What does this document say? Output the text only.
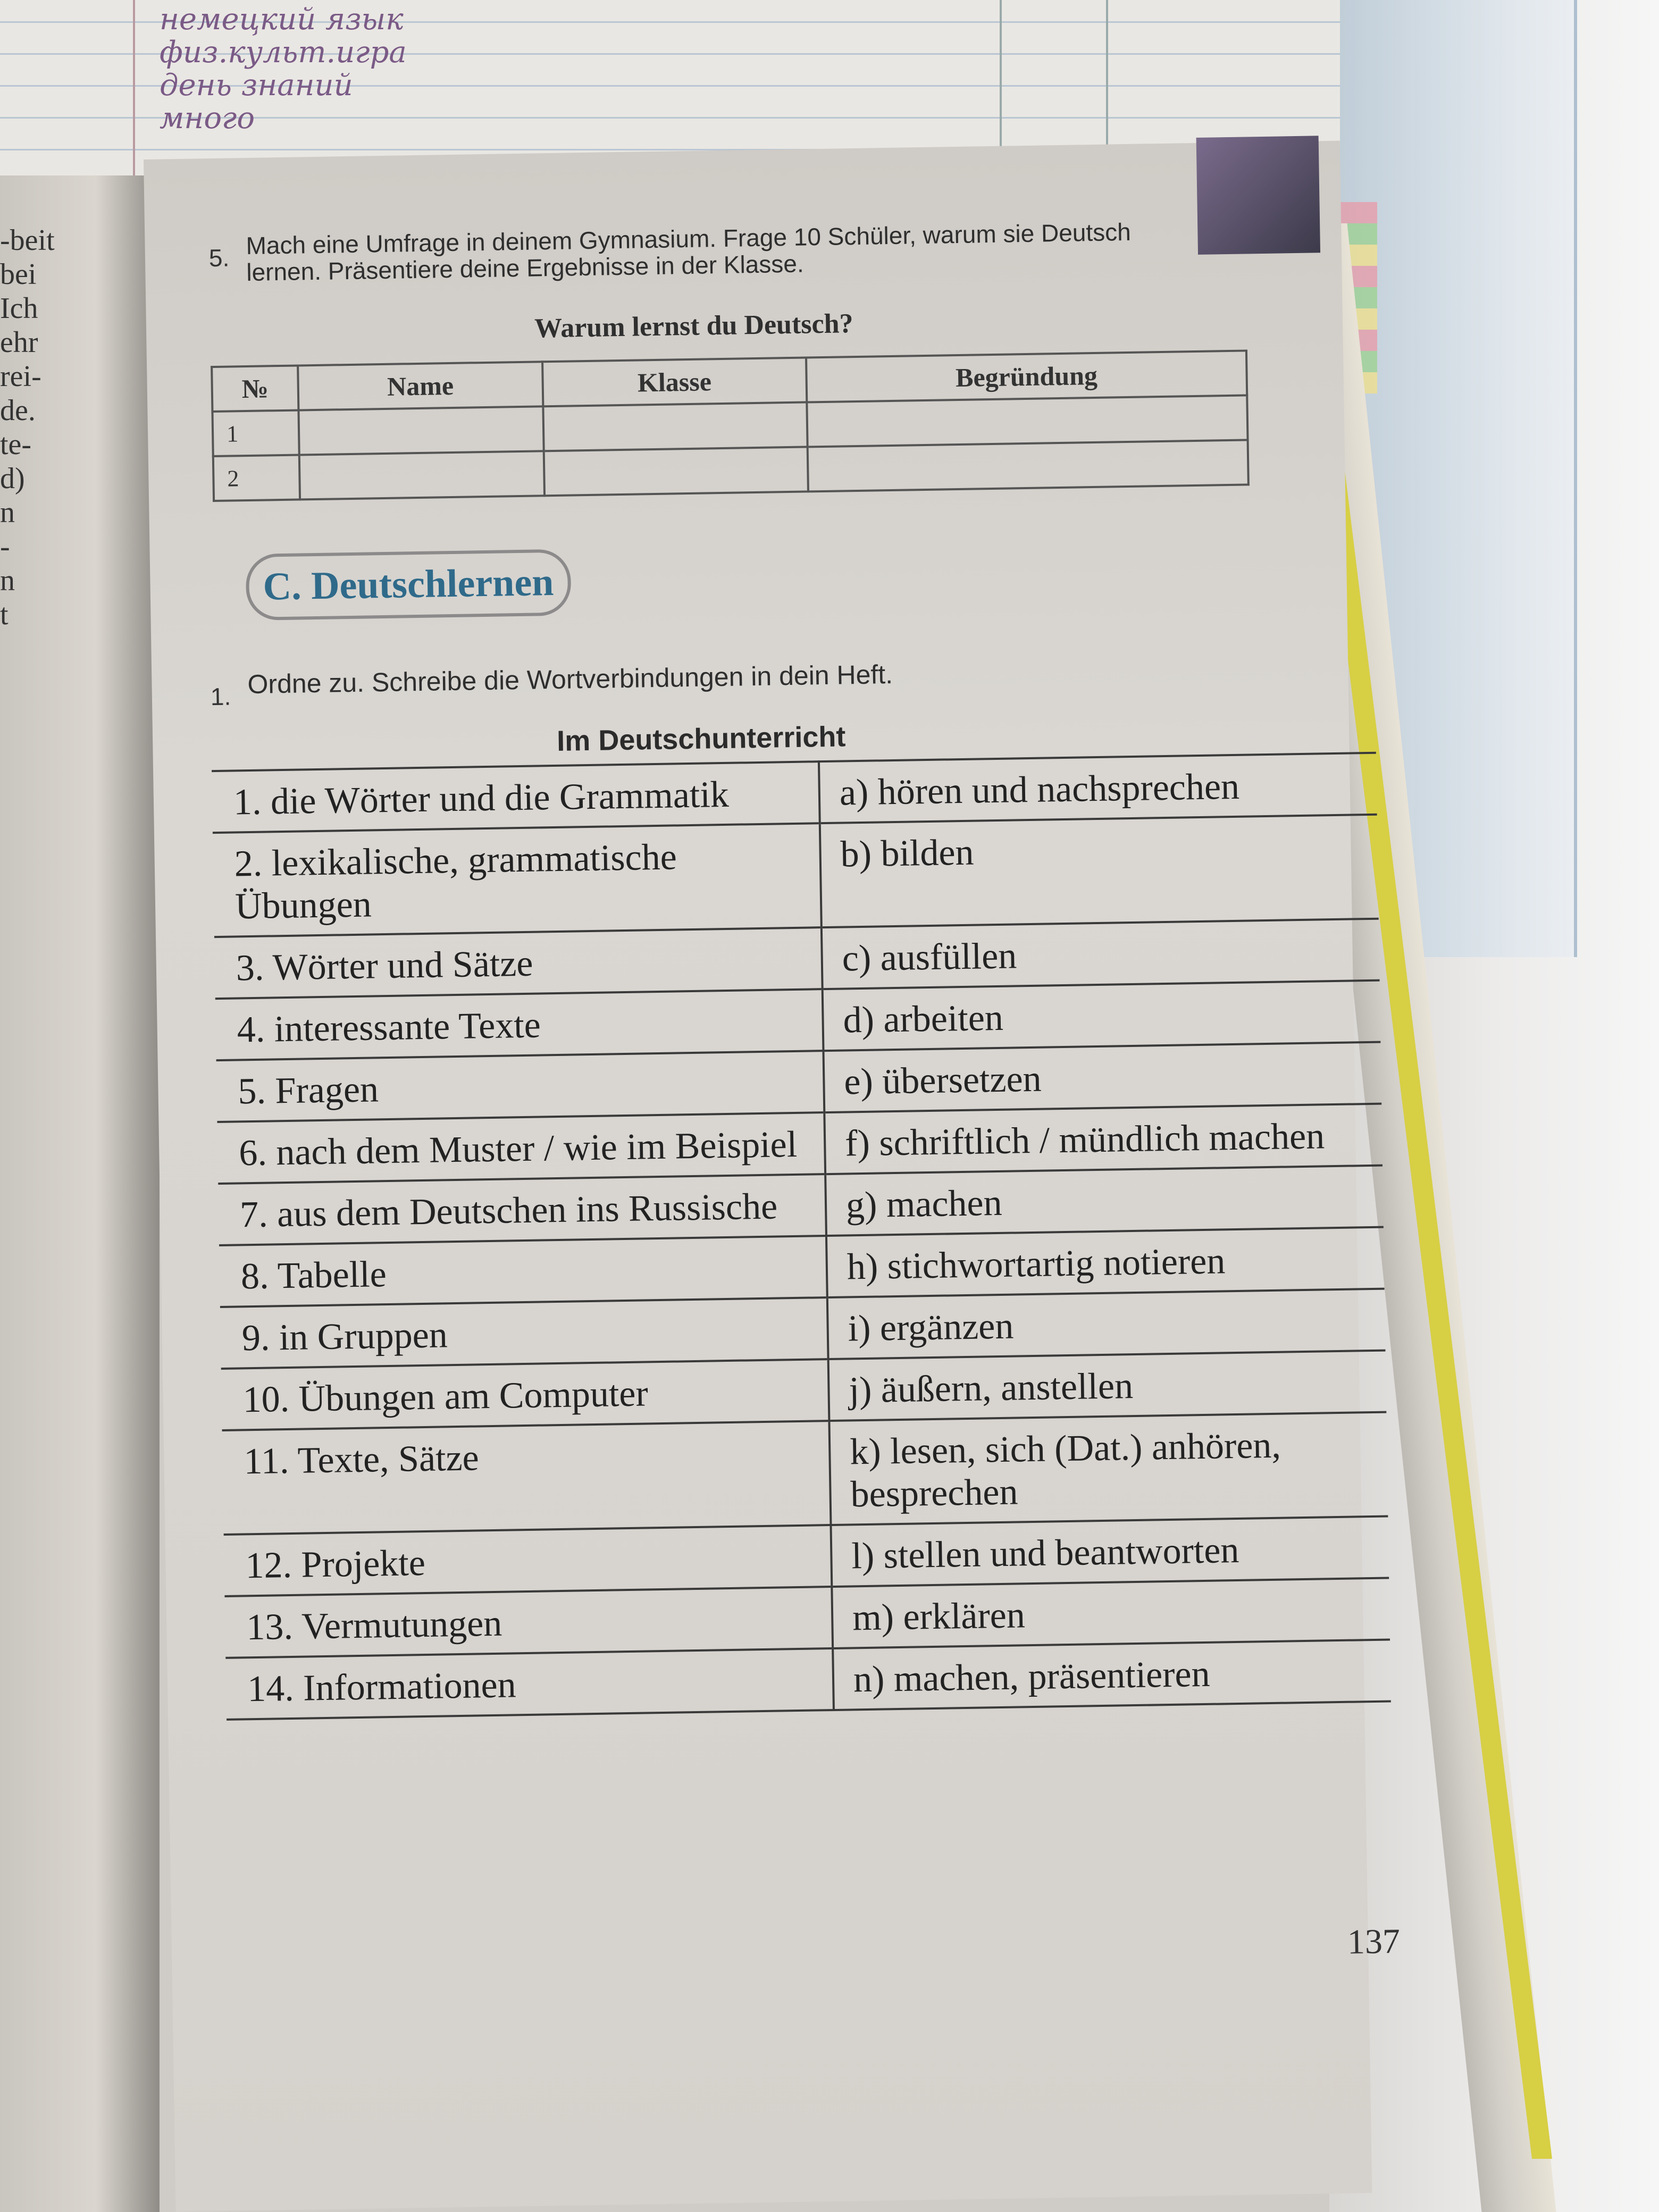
-beit
bei
Ich
ehr
rei-
de.
te-
d)
n
-
n
t
немецкий язык
физ.культ.игра
день знаний
много
5. Mach eine Umfrage in deinem Gymnasium. Frage 10 Schüler, warum sie Deutsch lernen. Präsentiere deine Ergebnisse in der Klasse.
Warum lernst du Deutsch?
№	Name	Klasse	Begründung
1			
2			
C. Deutschlernen
1. Ordne zu. Schreibe die Wortverbindungen in dein Heft.
Im Deutschunterricht
1. die Wörter und die Grammatik	a) hören und nachsprechen
2. lexikalische, grammatische Übungen	b) bilden
3. Wörter und Sätze	c) ausfüllen
4. interessante Texte	d) arbeiten
5. Fragen	e) übersetzen
6. nach dem Muster / wie im Beispiel	f) schriftlich / mündlich machen
7. aus dem Deutschen ins Russische	g) machen
8. Tabelle	h) stichwortartig notieren
9. in Gruppen	i) ergänzen
10. Übungen am Computer	j) äußern, anstellen
11. Texte, Sätze	k) lesen, sich (Dat.) anhören, besprechen
12. Projekte	l) stellen und beantworten
13. Vermutungen	m) erklären
14. Informationen	n) machen, präsentieren
137
